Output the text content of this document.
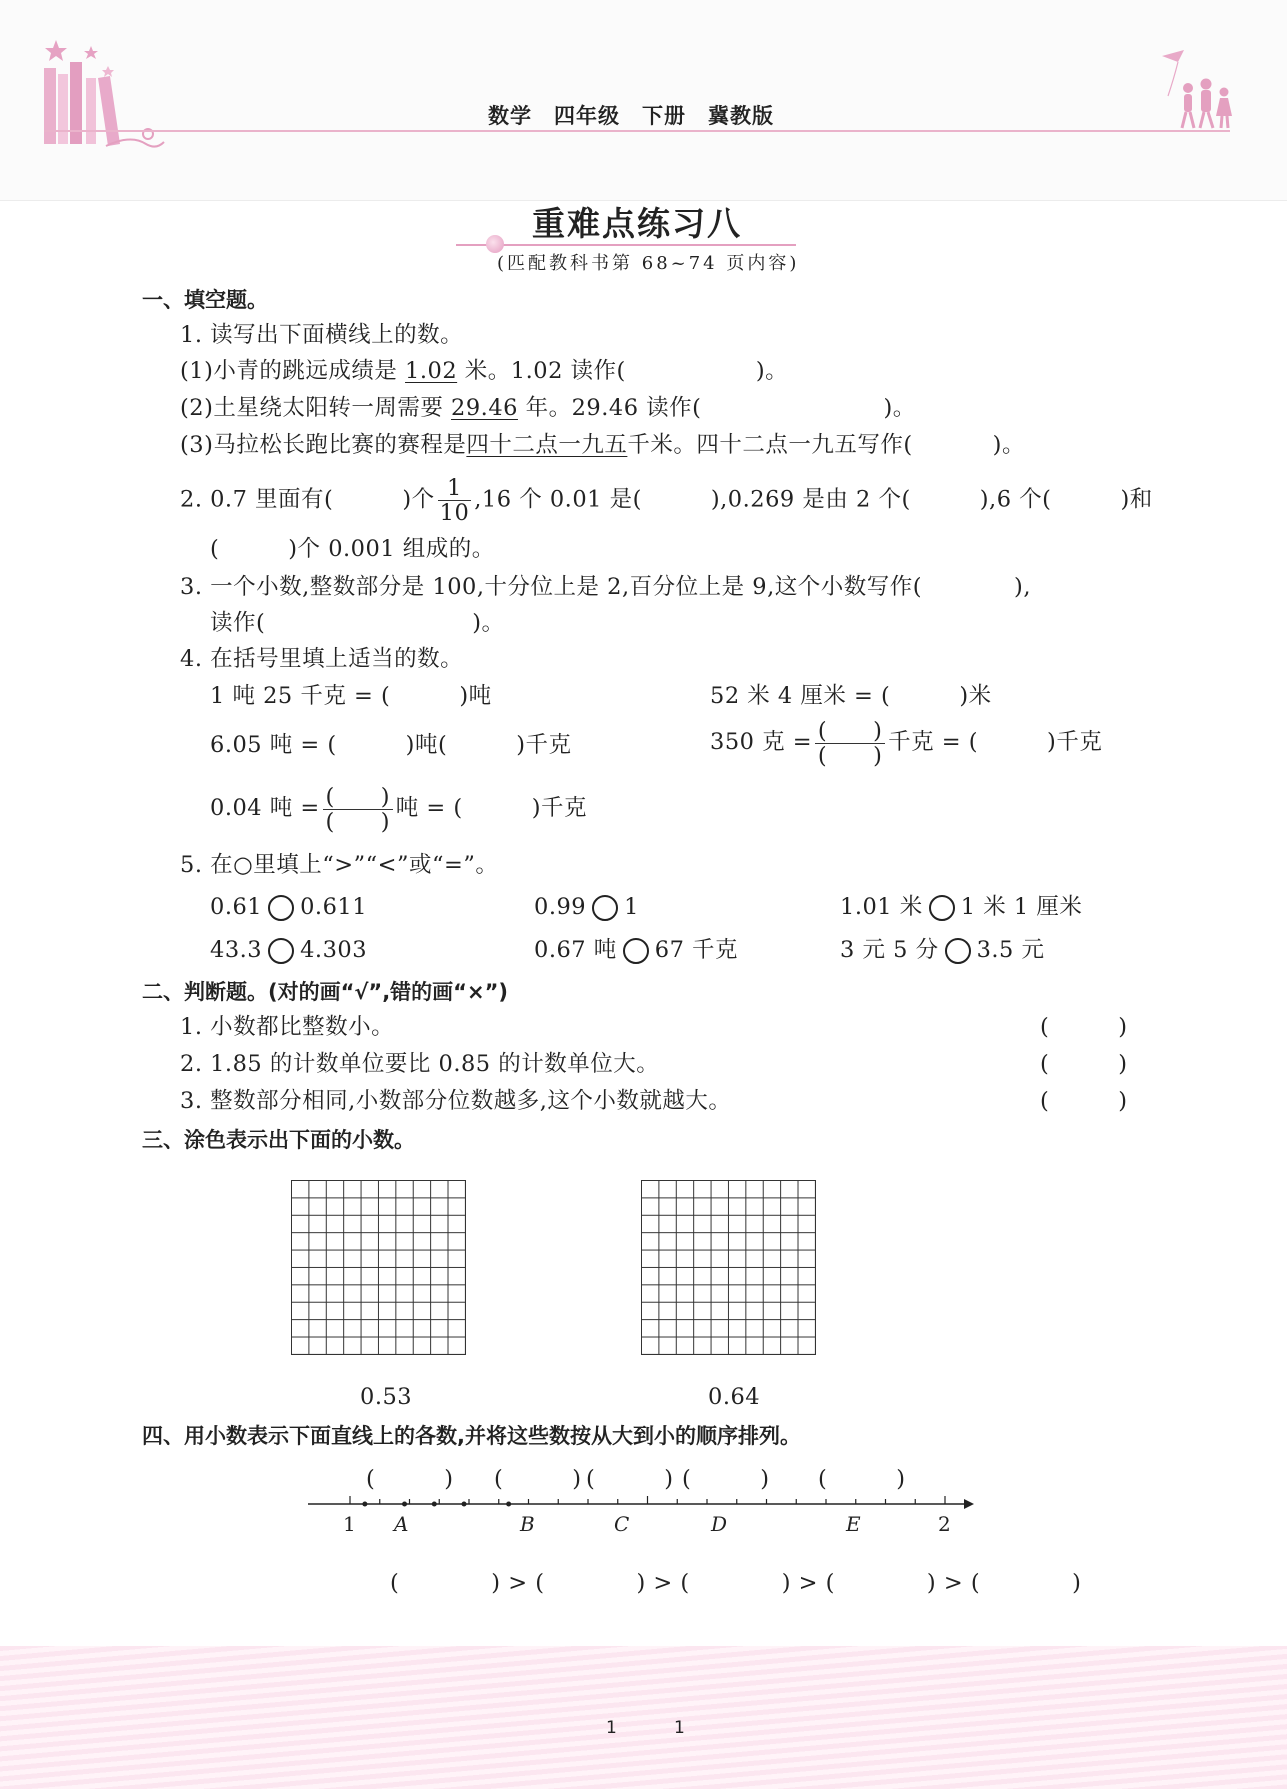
数学　四年级　下册　冀教版
重难点练习八
(匹配教科书第 68~74 页内容)
一、填空题。
1. 读写出下面横线上的数。
(1)小青的跳远成绩是 1.02 米。1.02 读作(	)。
(2)土星绕太阳转一周需要 29.46 年。29.46 读作(	)。
(3)马拉松长跑比赛的赛程是四十二点一九五千米。四十二点一九五写作(	)。
2. 0.7 里面有(　　　)个 $\frac{1}{10} ,16$ 个 0.01 是(　　　),0.269 是由 2 个(　　　),6 个(　　　)和
(　　　)个 0.001 组成的。
3. 一个小数,整数部分是 100,十分位上是 2,百分位上是 9,这个小数写作(　　　　),
读作(　　　　　　　　　)。
4. 在括号里填上适当的数。
1 吨 25 千克 = (　　　)吨	52 米 4 厘米 = (　　　)米
6.05 吨 = (　　　)吨(　　　)千克	350 克 = $\frac{( )}{( )}$ 千克 = (　　　)千克
0.04 吨 = $\frac{( )}{( )}$ 吨 = (　　　)千克
5. 在○里填上“>”“<”或“=”。
0.61 0.611	0.99 1	1.01 米 1 米 1 厘米
43.3 4.303	0.67 吨 67 千克	3 元 5 分 3.5 元
二、判断题。(对的画“√”,错的画“×”)
1. 小数都比整数小。	(　　　)
2. 1.85 的计数单位要比 0.85 的计数单位大。	(　　　)
3. 整数部分相同,小数部分位数越多,这个小数就越大。	(　　　)
三、涂色表示出下面的小数。
0.53	0.64
四、用小数表示下面直线上的各数,并将这些数按从大到小的顺序排列。
(　　　) (　　　) (　　　) (　　　) (　　　)
1	2
A	B	C	D	E
(　　　　) > (　　　　) > (　　　　) > (　　　　) > (　　　　)
1	1
